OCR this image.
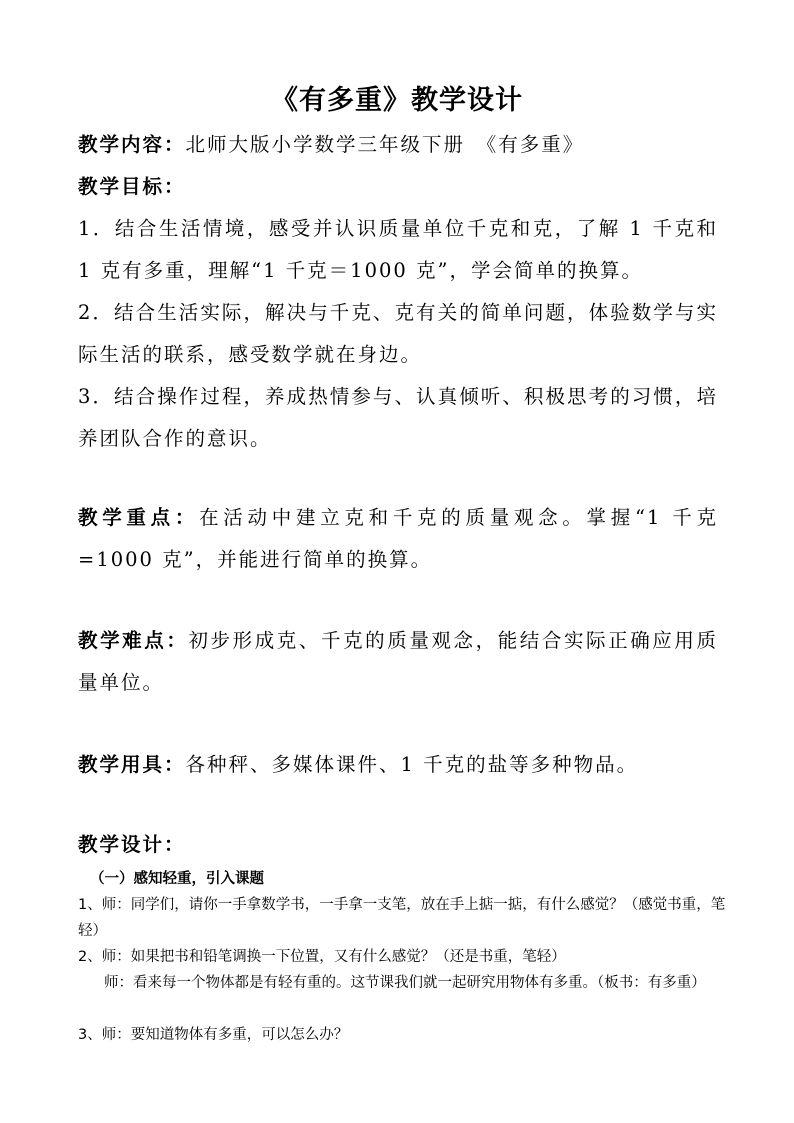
《有多重》教学设计

教学内容：北师大版小学数学三年级下册　《有多重》

教学目标：

1．结合生活情境，感受并认识质量单位千克和克，了解 1 千克和 1 克有多重，理解“1 千克＝1000 克”，学会简单的换算。

2．结合生活实际，解决与千克、克有关的简单问题，体验数学与实际生活的联系，感受数学就在身边。

3．结合操作过程，养成热情参与、认真倾听、积极思考的习惯，培养团队合作的意识。

教学重点：在活动中建立克和千克的质量观念。掌握“1 千克 =1000 克”，并能进行简单的换算。

教学难点：初步形成克、千克的质量观念，能结合实际正确应用质量单位。

教学用具：各种秤、多媒体课件、1 千克的盐等多种物品。

教学设计：

（一）感知轻重，引入课题

1、师：同学们，请你一手拿数学书，一手拿一支笔，放在手上掂一掂，有什么感觉？（感觉书重，笔轻）

2、师：如果把书和铅笔调换一下位置，又有什么感觉？（还是书重，笔轻）

师：看来每一个物体都是有轻有重的。这节课我们就一起研究用物体有多重。（板书：有多重）

3、师：要知道物体有多重，可以怎么办？
